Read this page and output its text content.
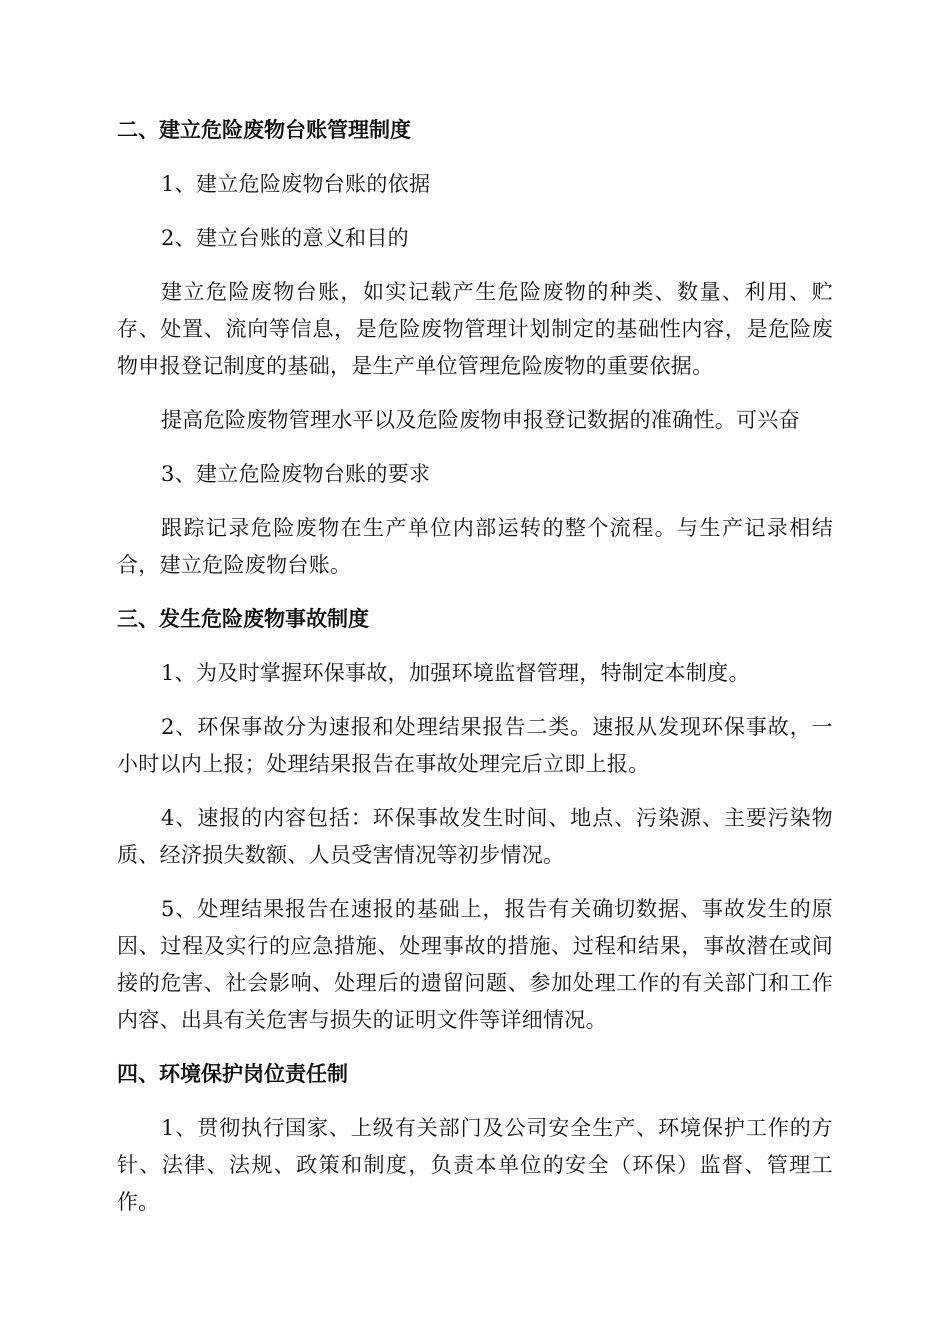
二、建立危险废物台账管理制度
1、建立危险废物台账的依据
2、建立台账的意义和目的
建立危险废物台账，如实记载产生危险废物的种类、数量、利用、贮存、处置、流向等信息，是危险废物管理计划制定的基础性内容，是危险废物申报登记制度的基础，是生产单位管理危险废物的重要依据。
提高危险废物管理水平以及危险废物申报登记数据的准确性。可兴奋
3、建立危险废物台账的要求
跟踪记录危险废物在生产单位内部运转的整个流程。与生产记录相结合，建立危险废物台账。
三、发生危险废物事故制度
1、为及时掌握环保事故，加强环境监督管理，特制定本制度。
2、环保事故分为速报和处理结果报告二类。速报从发现环保事故，一小时以内上报；处理结果报告在事故处理完后立即上报。
4、速报的内容包括：环保事故发生时间、地点、污染源、主要污染物质、经济损失数额、人员受害情况等初步情况。
5、处理结果报告在速报的基础上，报告有关确切数据、事故发生的原因、过程及实行的应急措施、处理事故的措施、过程和结果，事故潜在或间接的危害、社会影响、处理后的遗留问题、参加处理工作的有关部门和工作内容、出具有关危害与损失的证明文件等详细情况。
四、环境保护岗位责任制
1、贯彻执行国家、上级有关部门及公司安全生产、环境保护工作的方针、法律、法规、政策和制度，负责本单位的安全（环保）监督、管理工作。
